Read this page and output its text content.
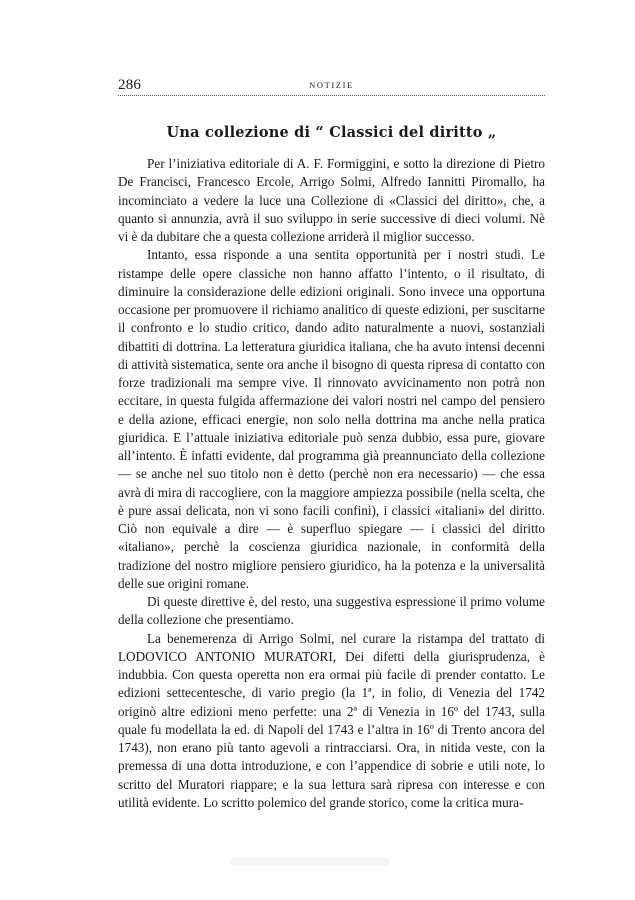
286	NOTIZIE
Una collezione di “ Classici del diritto „

Per l’iniziativa editoriale di A. F. Formiggini, e sotto la direzione di Pietro De Francisci, Francesco Ercole, Arrigo Solmi, Alfredo Iannitti Piromallo, ha incominciato a vedere la luce una Collezione di «Classici del diritto», che, a quanto si annunzia, avrà il suo sviluppo in serie successive di dieci volumi. Nè vi è da dubitare che a questa collezione arriderà il miglior successo.

Intanto, essa risponde a una sentita opportunità per i nostri studi. Le ristampe delle opere classiche non hanno affatto l’intento, o il risultato, di diminuire la considerazione delle edizioni originali. Sono invece una opportuna occasione per promuovere il richiamo analitico di queste edizioni, per suscitarne il confronto e lo studio critico, dando adito naturalmente a nuovi, sostanziali dibattiti di dottrina. La letteratura giuridica italiana, che ha avuto intensi decenni di attività sistematica, sente ora anche il bisogno di questa ripresa di contatto con forze tradizionali ma sempre vive. Il rinnovato avvicinamento non potrà non eccitare, in questa fulgida affermazione dei valori nostri nel campo del pensiero e della azione, efficaci energie, non solo nella dottrina ma anche nella pratica giuridica. E l’attuale iniziativa editoriale può senza dubbio, essa pure, giovare all’intento. È infatti evidente, dal programma già preannunciato della collezione — se anche nel suo titolo non è detto (perchè non era necessario) — che essa avrà di mira di raccogliere, con la maggiore ampiezza possibile (nella scelta, che è pure assai delicata, non vi sono facili confini), i classici «italiani» del diritto. Ciò non equivale a dire — è superfluo spiegare — i classici del diritto «italiano», perchè la coscienza giuridica nazionale, in conformità della tradizione del nostro migliore pensiero giuridico, ha la potenza e la universalità delle sue origini romane.

Di queste direttive è, del resto, una suggestiva espressione il primo volume della collezione che presentiamo.

La benemerenza di Arrigo Solmi, nel curare la ristampa del trattato di LODOVICO ANTONIO MURATORI, Dei difetti della giurisprudenza, è indubbia. Con questa operetta non era ormai più facile di prender contatto. Le edizioni settecentesche, di vario pregio (la 1ª, in folio, di Venezia del 1742 originò altre edizioni meno perfette: una 2ª di Venezia in 16º del 1743, sulla quale fu modellata la ed. di Napoli del 1743 e l’altra in 16º di Trento ancora del 1743), non erano più tanto agevoli a rintracciarsi. Ora, in nitida veste, con la premessa di una dotta introduzione, e con l’appendice di sobrie e utili note, lo scritto del Muratori riappare; e la sua lettura sarà ripresa con interesse e con utilità evidente. Lo scritto polemico del grande storico, come la critica mura-
